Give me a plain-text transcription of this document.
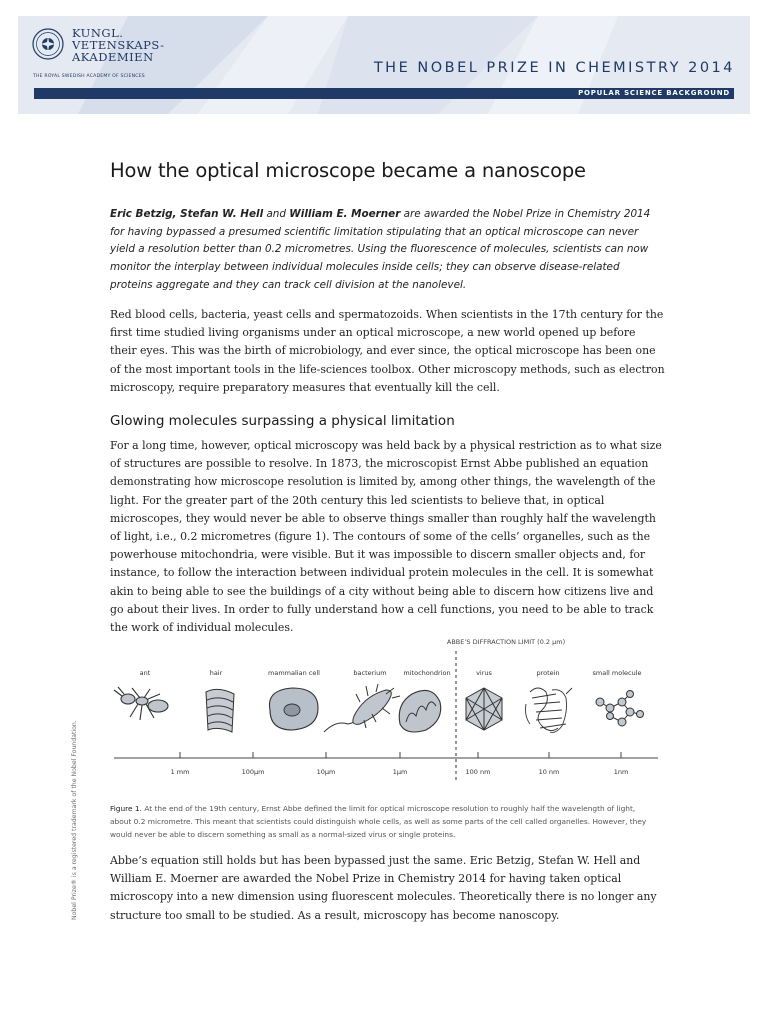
KUNGL.
VETENSKAPS-
AKADEMIEN
THE ROYAL SWEDISH ACADEMY OF SCIENCES
THE NOBEL PRIZE IN CHEMISTRY 2014
POPULAR SCIENCE BACKGROUND
Nobel Prize® is a registered trademark of the Nobel Foundation.
How the optical microscope became a nanoscope

Eric Betzig, Stefan W. Hell and William E. Moerner are awarded the Nobel Prize in Chemistry 2014 for having bypassed a presumed scientific limitation stipulating that an optical microscope can never yield a resolution better than 0.2 micrometres. Using the fluorescence of molecules, scientists can now monitor the interplay between individual molecules inside cells; they can observe disease-related proteins aggregate and they can track cell division at the nanolevel.

Red blood cells, bacteria, yeast cells and spermatozoids. When scientists in the 17th century for the first time studied living organisms under an optical microscope, a new world opened up before their eyes. This was the birth of microbiology, and ever since, the optical microscope has been one of the most important tools in the life-sciences toolbox. Other microscopy methods, such as electron microscopy, require preparatory measures that eventually kill the cell.

Glowing molecules surpassing a physical limitation

For a long time, however, optical microscopy was held back by a physical restriction as to what size of structures are possible to resolve. In 1873, the microscopist Ernst Abbe published an equation demonstrating how microscope resolution is limited by, among other things, the wavelength of the light. For the greater part of the 20th century this led scientists to believe that, in optical microscopes, they would never be able to observe things smaller than roughly half the wavelength of light, i.e., 0.2 micrometres (figure 1). The contours of some of the cells’ organelles, such as the powerhouse mitochondria, were visible. But it was impossible to discern smaller objects and, for instance, to follow the interaction between individual protein molecules in the cell. It is somewhat akin to being able to see the buildings of a city without being able to discern how citizens live and go about their lives. In order to fully understand how a cell functions, you need to be able to track the work of individual molecules.

ABBE’S DIFFRACTION LIMIT (0.2 μm)
ant	hair	mammalian cell	bacterium	mitochondrion	virus	protein	small molecule
1 mm	100μm	10μm	1μm	100 nm	10 nm	1nm

Figure 1. At the end of the 19th century, Ernst Abbe defined the limit for optical microscope resolution to roughly half the wavelength of light, about 0.2 micrometre. This meant that scientists could distinguish whole cells, as well as some parts of the cell called organelles. However, they would never be able to discern something as small as a normal-sized virus or single proteins.

Abbe’s equation still holds but has been bypassed just the same. Eric Betzig, Stefan W. Hell and William E. Moerner are awarded the Nobel Prize in Chemistry 2014 for having taken optical microscopy into a new dimension using fluorescent molecules. Theoretically there is no longer any structure too small to be studied. As a result, microscopy has become nanoscopy.
